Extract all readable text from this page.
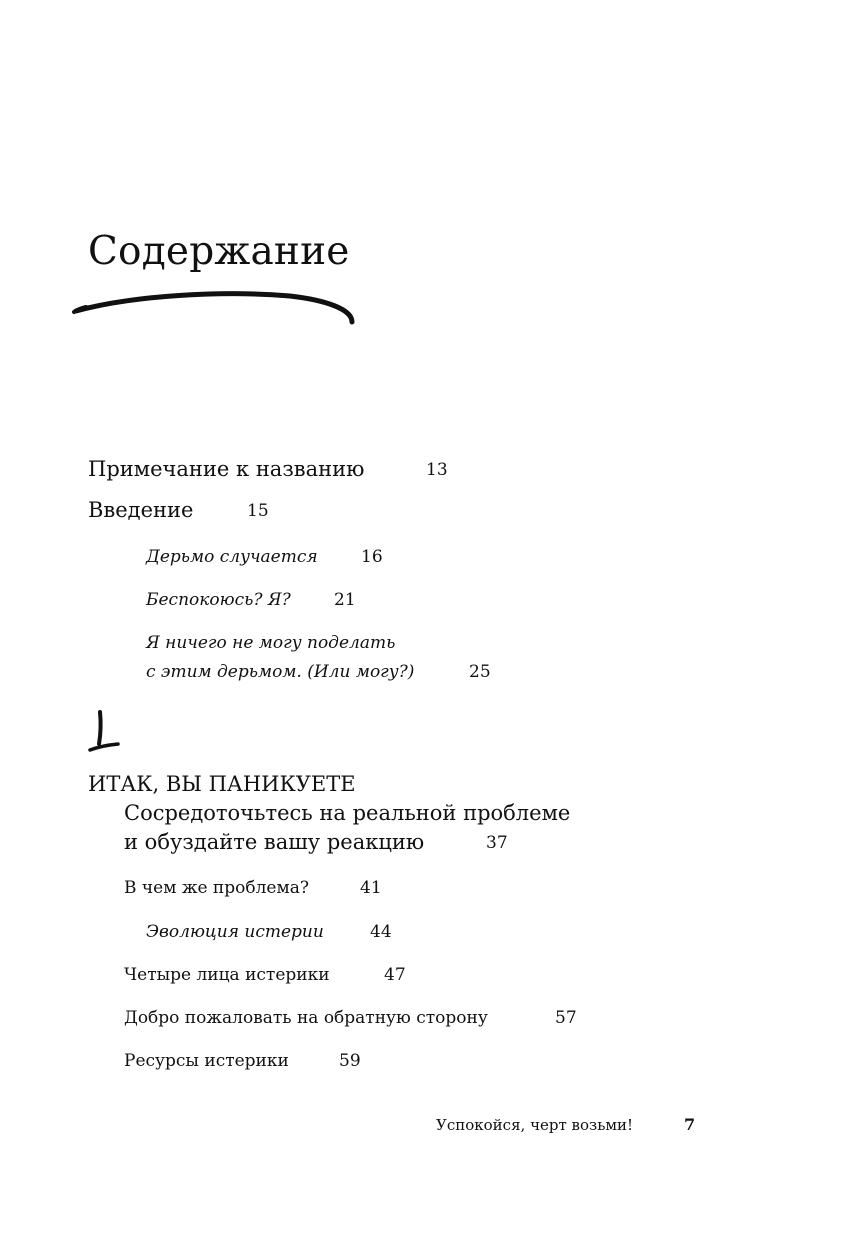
Содержание
Примечание к названию	13
Введение	15
Дерьмо случается	16
Беспокоюсь? Я?	21
Я ничего не могу поделать
с этим дерьмом. (Или могу?)	25
1
ИТАК, ВЫ ПАНИКУЕТЕ
Сосредоточьтесь на реальной проблеме
и обуздайте вашу реакцию	37
В чем же проблема?	41
Эволюция истерии	44
Четыре лица истерики	47
Добро пожаловать на обратную сторону	57
Ресурсы истерики	59
Успокойся, черт возьми!	7
